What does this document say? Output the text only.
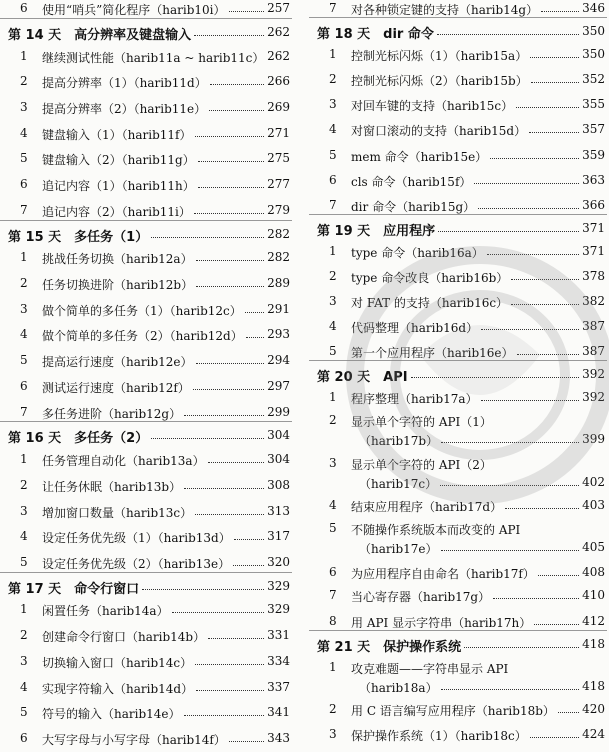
6 使用“哨兵”简化程序（harib10i）	257
第 14 天　高分辨率及键盘输入	262
1 继续测试性能（harib11a ~ harib11c） 262
2 提高分辨率（1）（harib11d）	266
3 提高分辨率（2）（harib11e）	269
4 键盘输入（1）（harib11f）	271
5 键盘输入（2）（harib11g）	275
6 追记内容（1）（harib11h）	277
7 追记内容（2）（harib11i）	279
第 15 天　多任务（1）	282
1 挑战任务切换（harib12a）	282
2 任务切换进阶（harib12b）	289
3 做个简单的多任务（1）（harib12c） 291
4 做个简单的多任务（2）（harib12d） 293
5 提高运行速度（harib12e）	294
6 测试运行速度（harib12f）	297
7 多任务进阶（harib12g）	299
第 16 天　多任务（2）	304
1 任务管理自动化（harib13a）	304
2 让任务休眠（harib13b）	308
3 增加窗口数量（harib13c）	313
4 设定任务优先级（1）（harib13d）	317
5 设定任务优先级（2）（harib13e）	320
第 17 天　命令行窗口	329
1 闲置任务（harib14a）	329
2 创建命令行窗口（harib14b）	331
3 切换输入窗口（harib14c）	334
4 实现字符输入（harib14d）	337
5 符号的输入（harib14e）	341
6 大写字母与小写字母（harib14f）	343
7 对各种锁定键的支持（harib14g）	346
第 18 天　dir 命令	350
1 控制光标闪烁（1）（harib15a）	350
2 控制光标闪烁（2）（harib15b）	352
3 对回车键的支持（harib15c）	355
4 对窗口滚动的支持（harib15d）	357
5 mem 命令（harib15e）	359
6 cls 命令（harib15f）	363
7 dir 命令（harib15g）	366
第 19 天　应用程序	371
1 type 命令（harib16a）	371
2 type 命令改良（harib16b）	378
3 对 FAT 的支持（harib16c）	382
4 代码整理（harib16d）	387
5 第一个应用程序（harib16e）	387
第 20 天　API	392
1 程序整理（harib17a）	392
2 显示单个字符的 API（1）
（harib17b）	399
3 显示单个字符的 API（2）
（harib17c）	402
4 结束应用程序（harib17d）	403
5 不随操作系统版本而改变的 API
（harib17e）	405
6 为应用程序自由命名（harib17f）	408
7 当心寄存器（harib17g）	410
8 用 API 显示字符串（harib17h）	412
第 21 天　保护操作系统	418
1 攻克难题——字符串显示 API
（harib18a）	418
2 用 C 语言编写应用程序（harib18b） 420
3 保护操作系统（1）（harib18c）	424
